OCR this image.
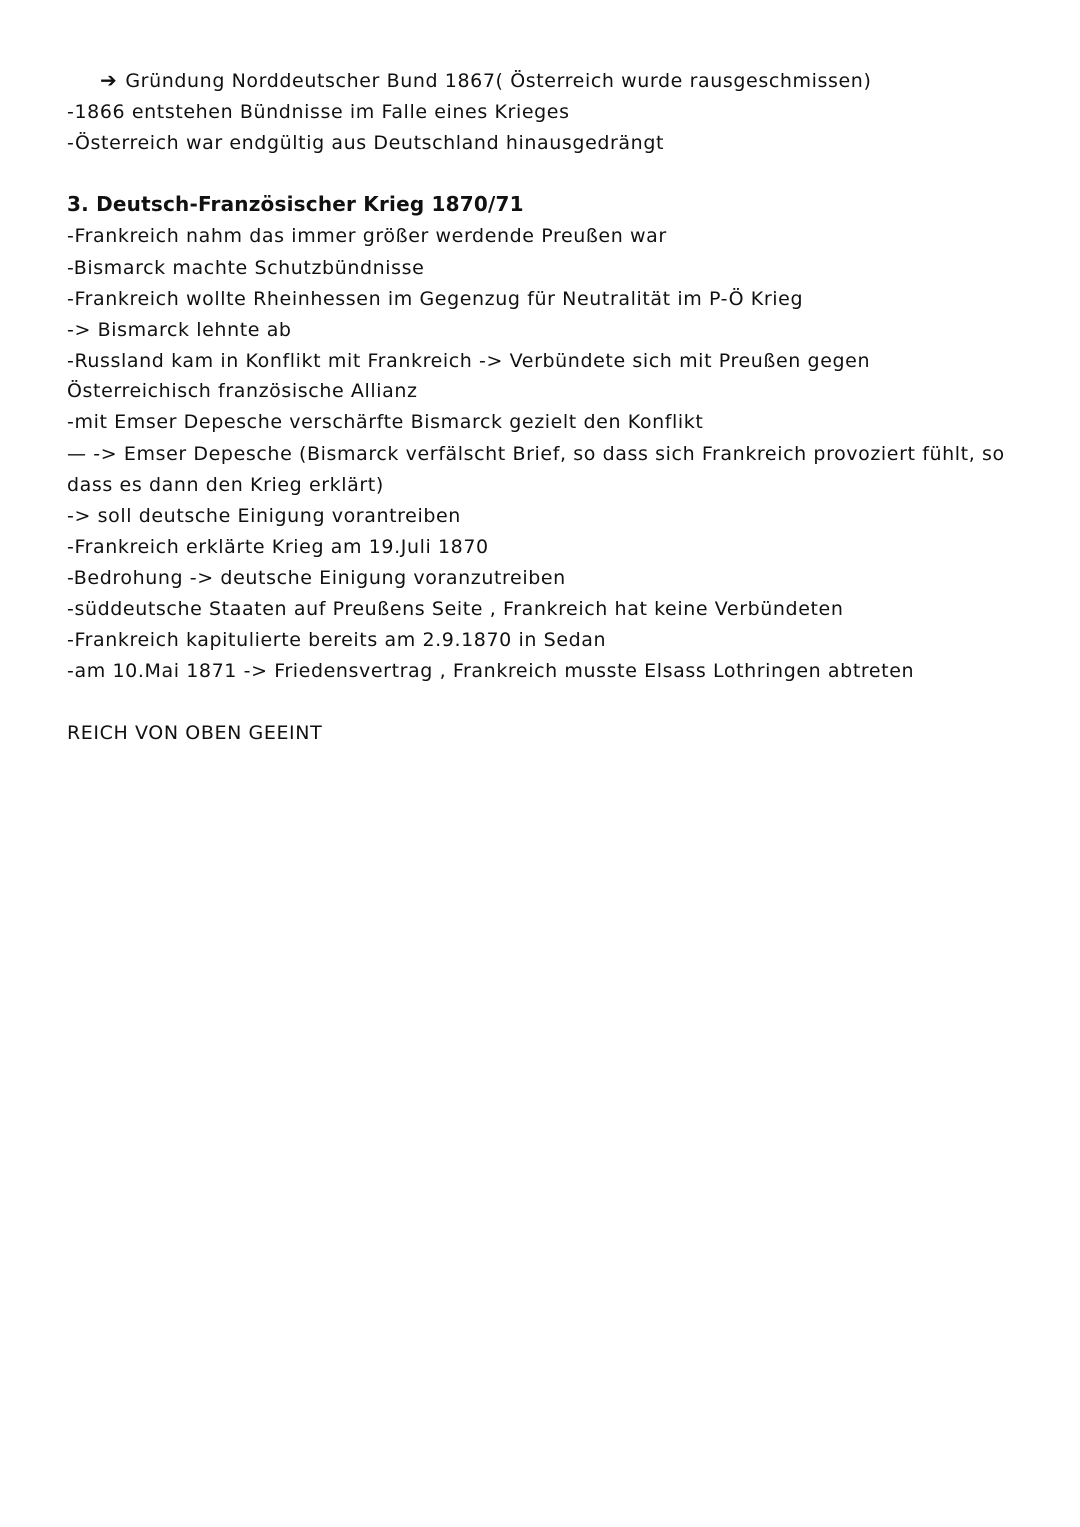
➔ Gründung Norddeutscher Bund 1867( Österreich wurde rausgeschmissen)
-1866 entstehen Bündnisse im Falle eines Krieges
-Österreich war endgültig aus Deutschland hinausgedrängt
3. Deutsch-Französischer Krieg 1870/71
-Frankreich nahm das immer größer werdende Preußen war
-Bismarck machte Schutzbündnisse
-Frankreich wollte Rheinhessen im Gegenzug für Neutralität im P-Ö Krieg
-> Bismarck lehnte ab
-Russland kam in Konflikt mit Frankreich -> Verbündete sich mit Preußen gegen
Österreichisch französische Allianz
-mit Emser Depesche verschärfte Bismarck gezielt den Konflikt
— -> Emser Depesche (Bismarck verfälscht Brief, so dass sich Frankreich provoziert fühlt, so
dass es dann den Krieg erklärt)
-> soll deutsche Einigung vorantreiben
-Frankreich erklärte Krieg am 19.Juli 1870
-Bedrohung -> deutsche Einigung voranzutreiben
-süddeutsche Staaten auf Preußens Seite , Frankreich hat keine Verbündeten
-Frankreich kapitulierte bereits am 2.9.1870 in Sedan
-am 10.Mai 1871 -> Friedensvertrag , Frankreich musste Elsass Lothringen abtreten
REICH VON OBEN GEEINT
